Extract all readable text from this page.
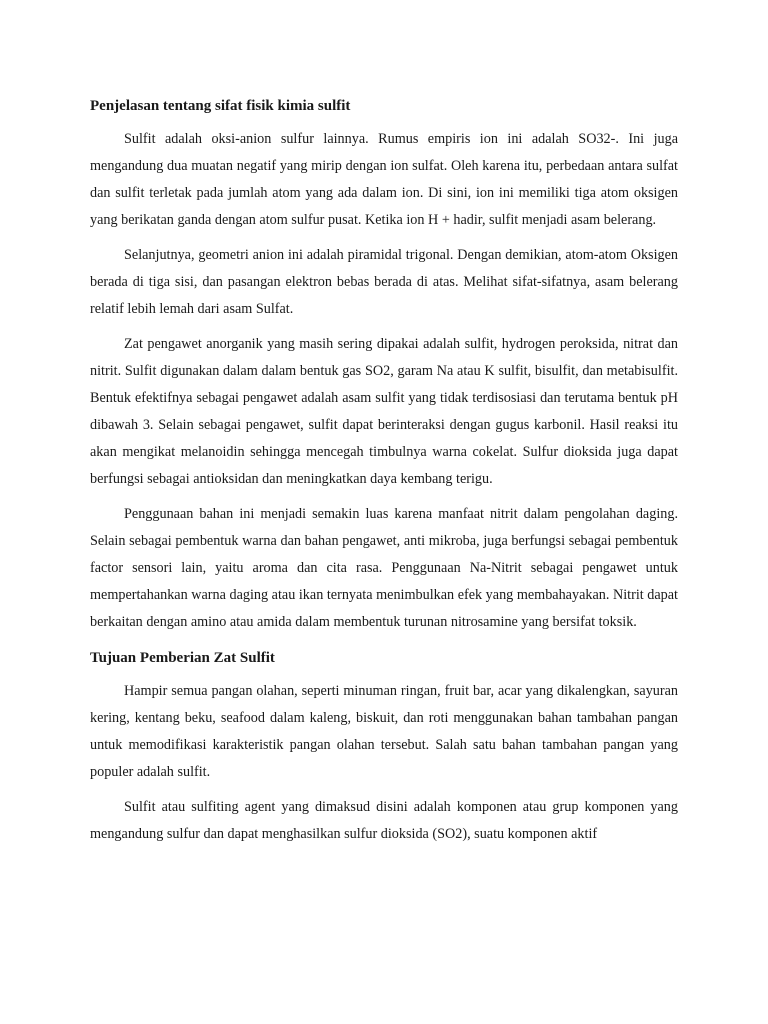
Penjelasan tentang sifat fisik kimia sulfit

Sulfit adalah oksi-anion sulfur lainnya. Rumus empiris ion ini adalah SO32-. Ini juga mengandung dua muatan negatif yang mirip dengan ion sulfat. Oleh karena itu, perbedaan antara sulfat dan sulfit terletak pada jumlah atom yang ada dalam ion. Di sini, ion ini memiliki tiga atom oksigen yang berikatan ganda dengan atom sulfur pusat. Ketika ion H + hadir, sulfit menjadi asam belerang.

Selanjutnya, geometri anion ini adalah piramidal trigonal. Dengan demikian, atom-atom Oksigen berada di tiga sisi, dan pasangan elektron bebas berada di atas. Melihat sifat-sifatnya, asam belerang relatif lebih lemah dari asam Sulfat.

Zat pengawet anorganik yang masih sering dipakai adalah sulfit, hydrogen peroksida, nitrat dan nitrit. Sulfit digunakan dalam dalam bentuk gas SO2, garam Na atau K sulfit, bisulfit, dan metabisulfit. Bentuk efektifnya sebagai pengawet adalah asam sulfit yang tidak terdisosiasi dan terutama bentuk pH dibawah 3. Selain sebagai pengawet, sulfit dapat berinteraksi dengan gugus karbonil. Hasil reaksi itu akan mengikat melanoidin sehingga mencegah timbulnya warna cokelat. Sulfur dioksida juga dapat berfungsi sebagai antioksidan dan meningkatkan daya kembang terigu.

Penggunaan bahan ini menjadi semakin luas karena manfaat nitrit dalam pengolahan daging. Selain sebagai pembentuk warna dan bahan pengawet, anti mikroba, juga berfungsi sebagai pembentuk factor sensori lain, yaitu aroma dan cita rasa. Penggunaan Na-Nitrit sebagai pengawet untuk mempertahankan warna daging atau ikan ternyata menimbulkan efek yang membahayakan. Nitrit dapat berkaitan dengan amino atau amida dalam membentuk turunan nitrosamine yang bersifat toksik.

Tujuan Pemberian Zat Sulfit

Hampir semua pangan olahan, seperti minuman ringan, fruit bar, acar yang dikalengkan, sayuran kering, kentang beku, seafood dalam kaleng, biskuit, dan roti menggunakan bahan tambahan pangan untuk memodifikasi karakteristik pangan olahan tersebut. Salah satu bahan tambahan pangan yang populer adalah sulfit.

Sulfit atau sulfiting agent yang dimaksud disini adalah komponen atau grup komponen yang mengandung sulfur dan dapat menghasilkan sulfur dioksida (SO2), suatu komponen aktif
